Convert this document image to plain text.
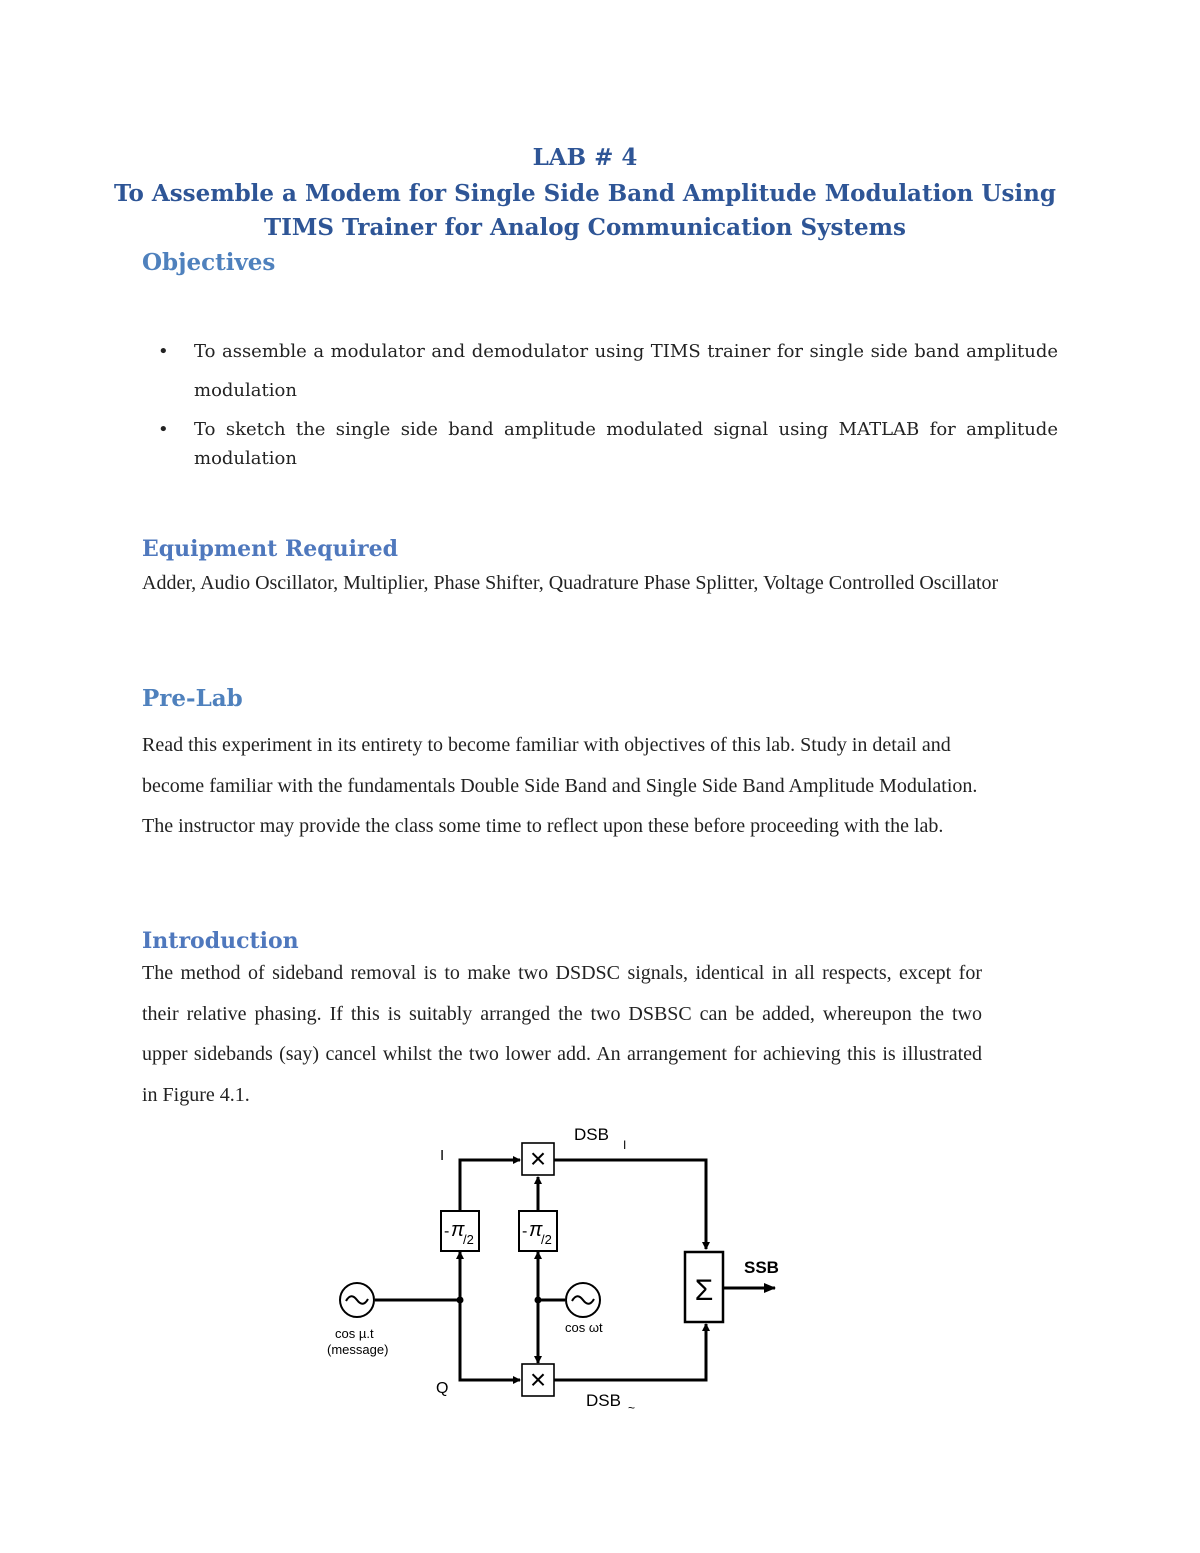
LAB # 4
To Assemble a Modem for Single Side Band Amplitude Modulation Using
TIMS Trainer for Analog Communication Systems
Objectives
• To assemble a modulator and demodulator using TIMS trainer for single side band amplitude modulation
• To sketch the single side band amplitude modulated signal using MATLAB for amplitude modulation
Equipment Required

Adder, Audio Oscillator, Multiplier, Phase Shifter, Quadrature Phase Splitter, Voltage Controlled Oscillator

Pre-Lab

Read this experiment in its entirety to become familiar with objectives of this lab. Study in detail and become familiar with the fundamentals Double Side Band and Single Side Band Amplitude Modulation. The instructor may provide the class some time to reflect upon these before proceeding with the lab.

Introduction

The method of sideband removal is to make two DSDSC signals, identical in all respects, except for their relative phasing. If this is suitably arranged the two DSBSC can be added, whereupon the two upper sidebands (say) cancel whilst the two lower add. An arrangement for achieving this is illustrated in Figure 4.1.

×
×
- π
/2	- π
/2
Σ
I
Q
DSB
I
DSB ~
SSB
cos µ.t
(message)
cos ωt
